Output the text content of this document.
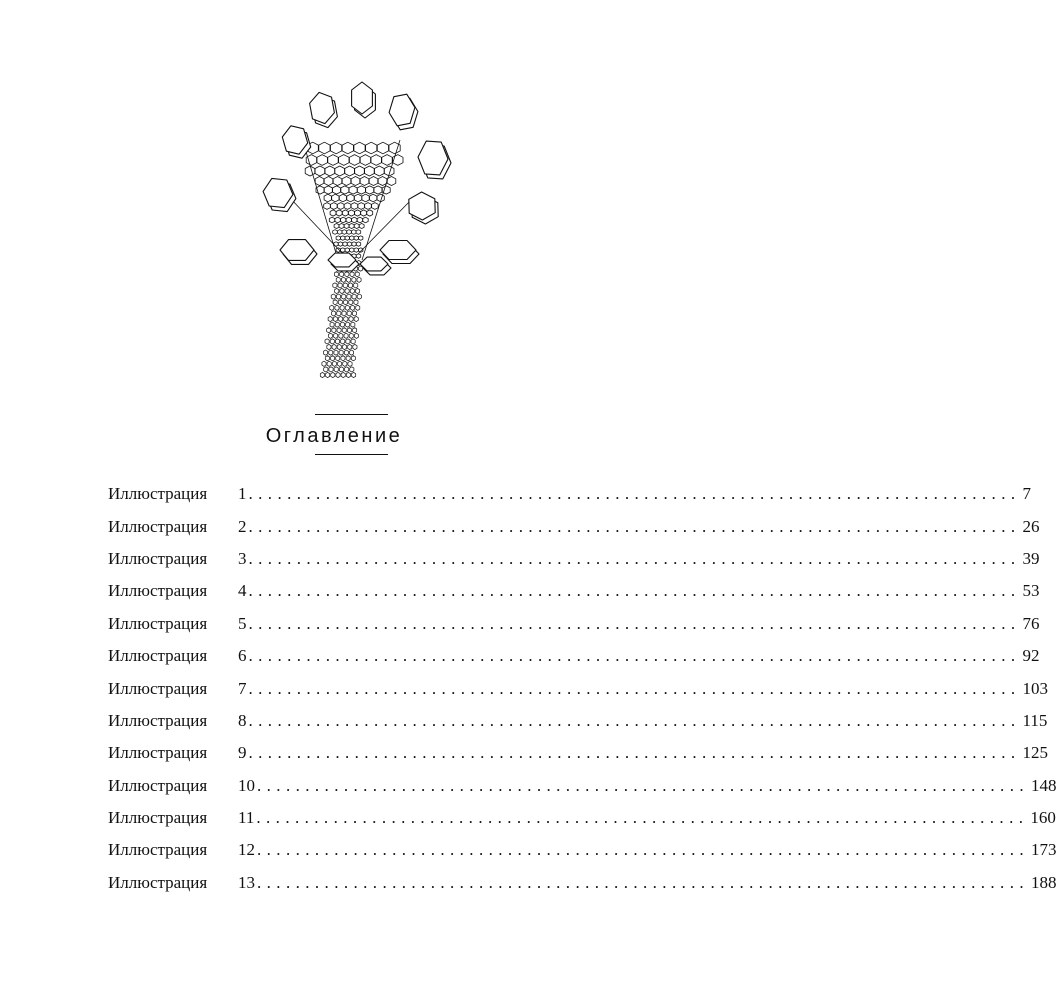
Оглавление
Иллюстрация	1 ................................................................................ 7
Иллюстрация	2 ................................................................................ 26
Иллюстрация	3 ................................................................................ 39
Иллюстрация	4 ................................................................................ 53
Иллюстрация	5 ................................................................................ 76
Иллюстрация	6 ................................................................................ 92
Иллюстрация	7 ................................................................................ 103
Иллюстрация	8 ................................................................................ 115
Иллюстрация	9 ................................................................................ 125
Иллюстрация	10 ................................................................................ 148
Иллюстрация	11 ................................................................................ 160
Иллюстрация	12 ................................................................................ 173
Иллюстрация	13 ................................................................................ 188
